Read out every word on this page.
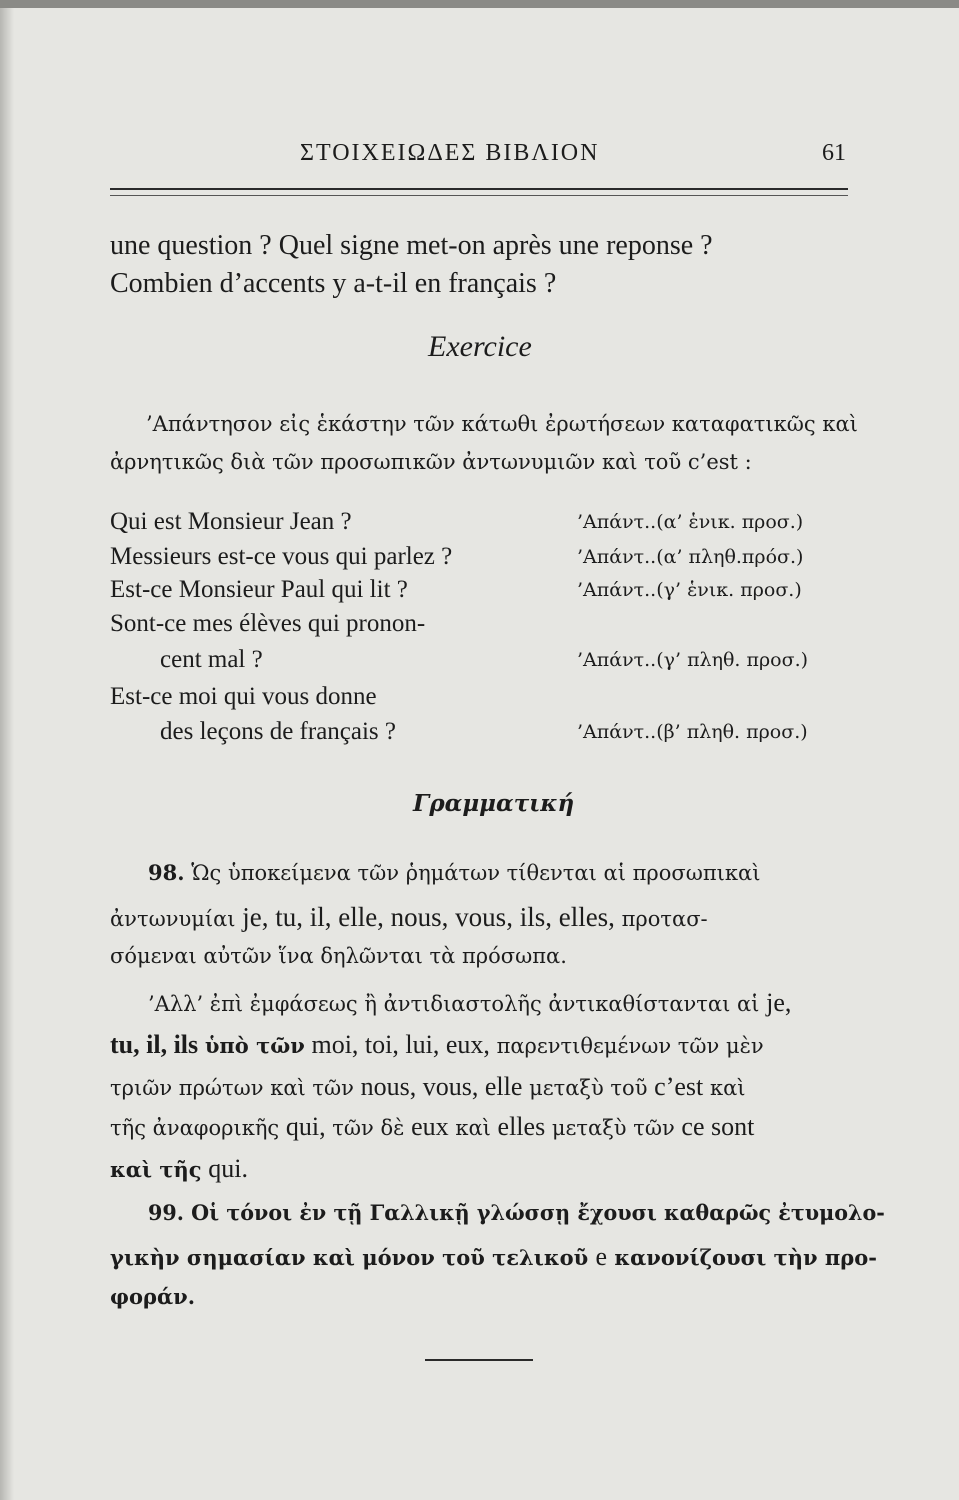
ΣΤΟΙΧΕΙΩΔΕΣ ΒΙΒΛΙΟΝ	61
une question ? Quel signe met-on après une reponse ?
Combien d’accents y a-t-il en français ?
Exercice
’Απάντησον εἰς ἑκάστην τῶν κάτωθι ἐρωτήσεων καταφατικῶς καὶ
ἀρνητικῶς διὰ τῶν προσωπικῶν ἀντωνυμιῶν καὶ τοῦ c’est :
Qui est Monsieur Jean ?	’Απάντ..(α’ ἑνικ. προσ.)
Messieurs est-ce vous qui parlez ?	’Απάντ..(α’ πληθ.πρόσ.)
Est-ce Monsieur Paul qui lit ?	’Απάντ..(γ’ ἑνικ. προσ.)
Sont-ce mes élèves qui pronon-
cent mal ?	’Απάντ..(γ’ πληθ. προσ.)
Est-ce moi qui vous donne
des leçons de français ?	’Απάντ..(β’ πληθ. προσ.)
Γραμματική
98. Ὡς ὑποκείμενα τῶν ῥημάτων τίθενται αἱ προσωπικαὶ
ἀντωνυμίαι je, tu, il, elle, nous, vous, ils, elles, προτασ-
σόμεναι αὐτῶν ἵνα δηλῶνται τὰ πρόσωπα.
’Αλλ’ ἐπὶ ἐμφάσεως ἢ ἀντιδιαστολῆς ἀντικαθίστανται αἱ je,
tu, il, ils ὑπὸ τῶν moi, toi, lui, eux, παρεντιθεμένων τῶν μὲν
τριῶν πρώτων καὶ τῶν nous, vous, elle μεταξὺ τοῦ c’est καὶ
τῆς ἀναφορικῆς qui, τῶν δὲ eux καὶ elles μεταξὺ τῶν ce sont
καὶ τῆς qui.
99. Οἱ τόνοι ἐν τῇ Γαλλικῇ γλώσσῃ ἔχουσι καθαρῶς ἐτυμολο-
γικὴν σημασίαν καὶ μόνον τοῦ τελικοῦ e κανονίζουσι τὴν προ-
φοράν.
